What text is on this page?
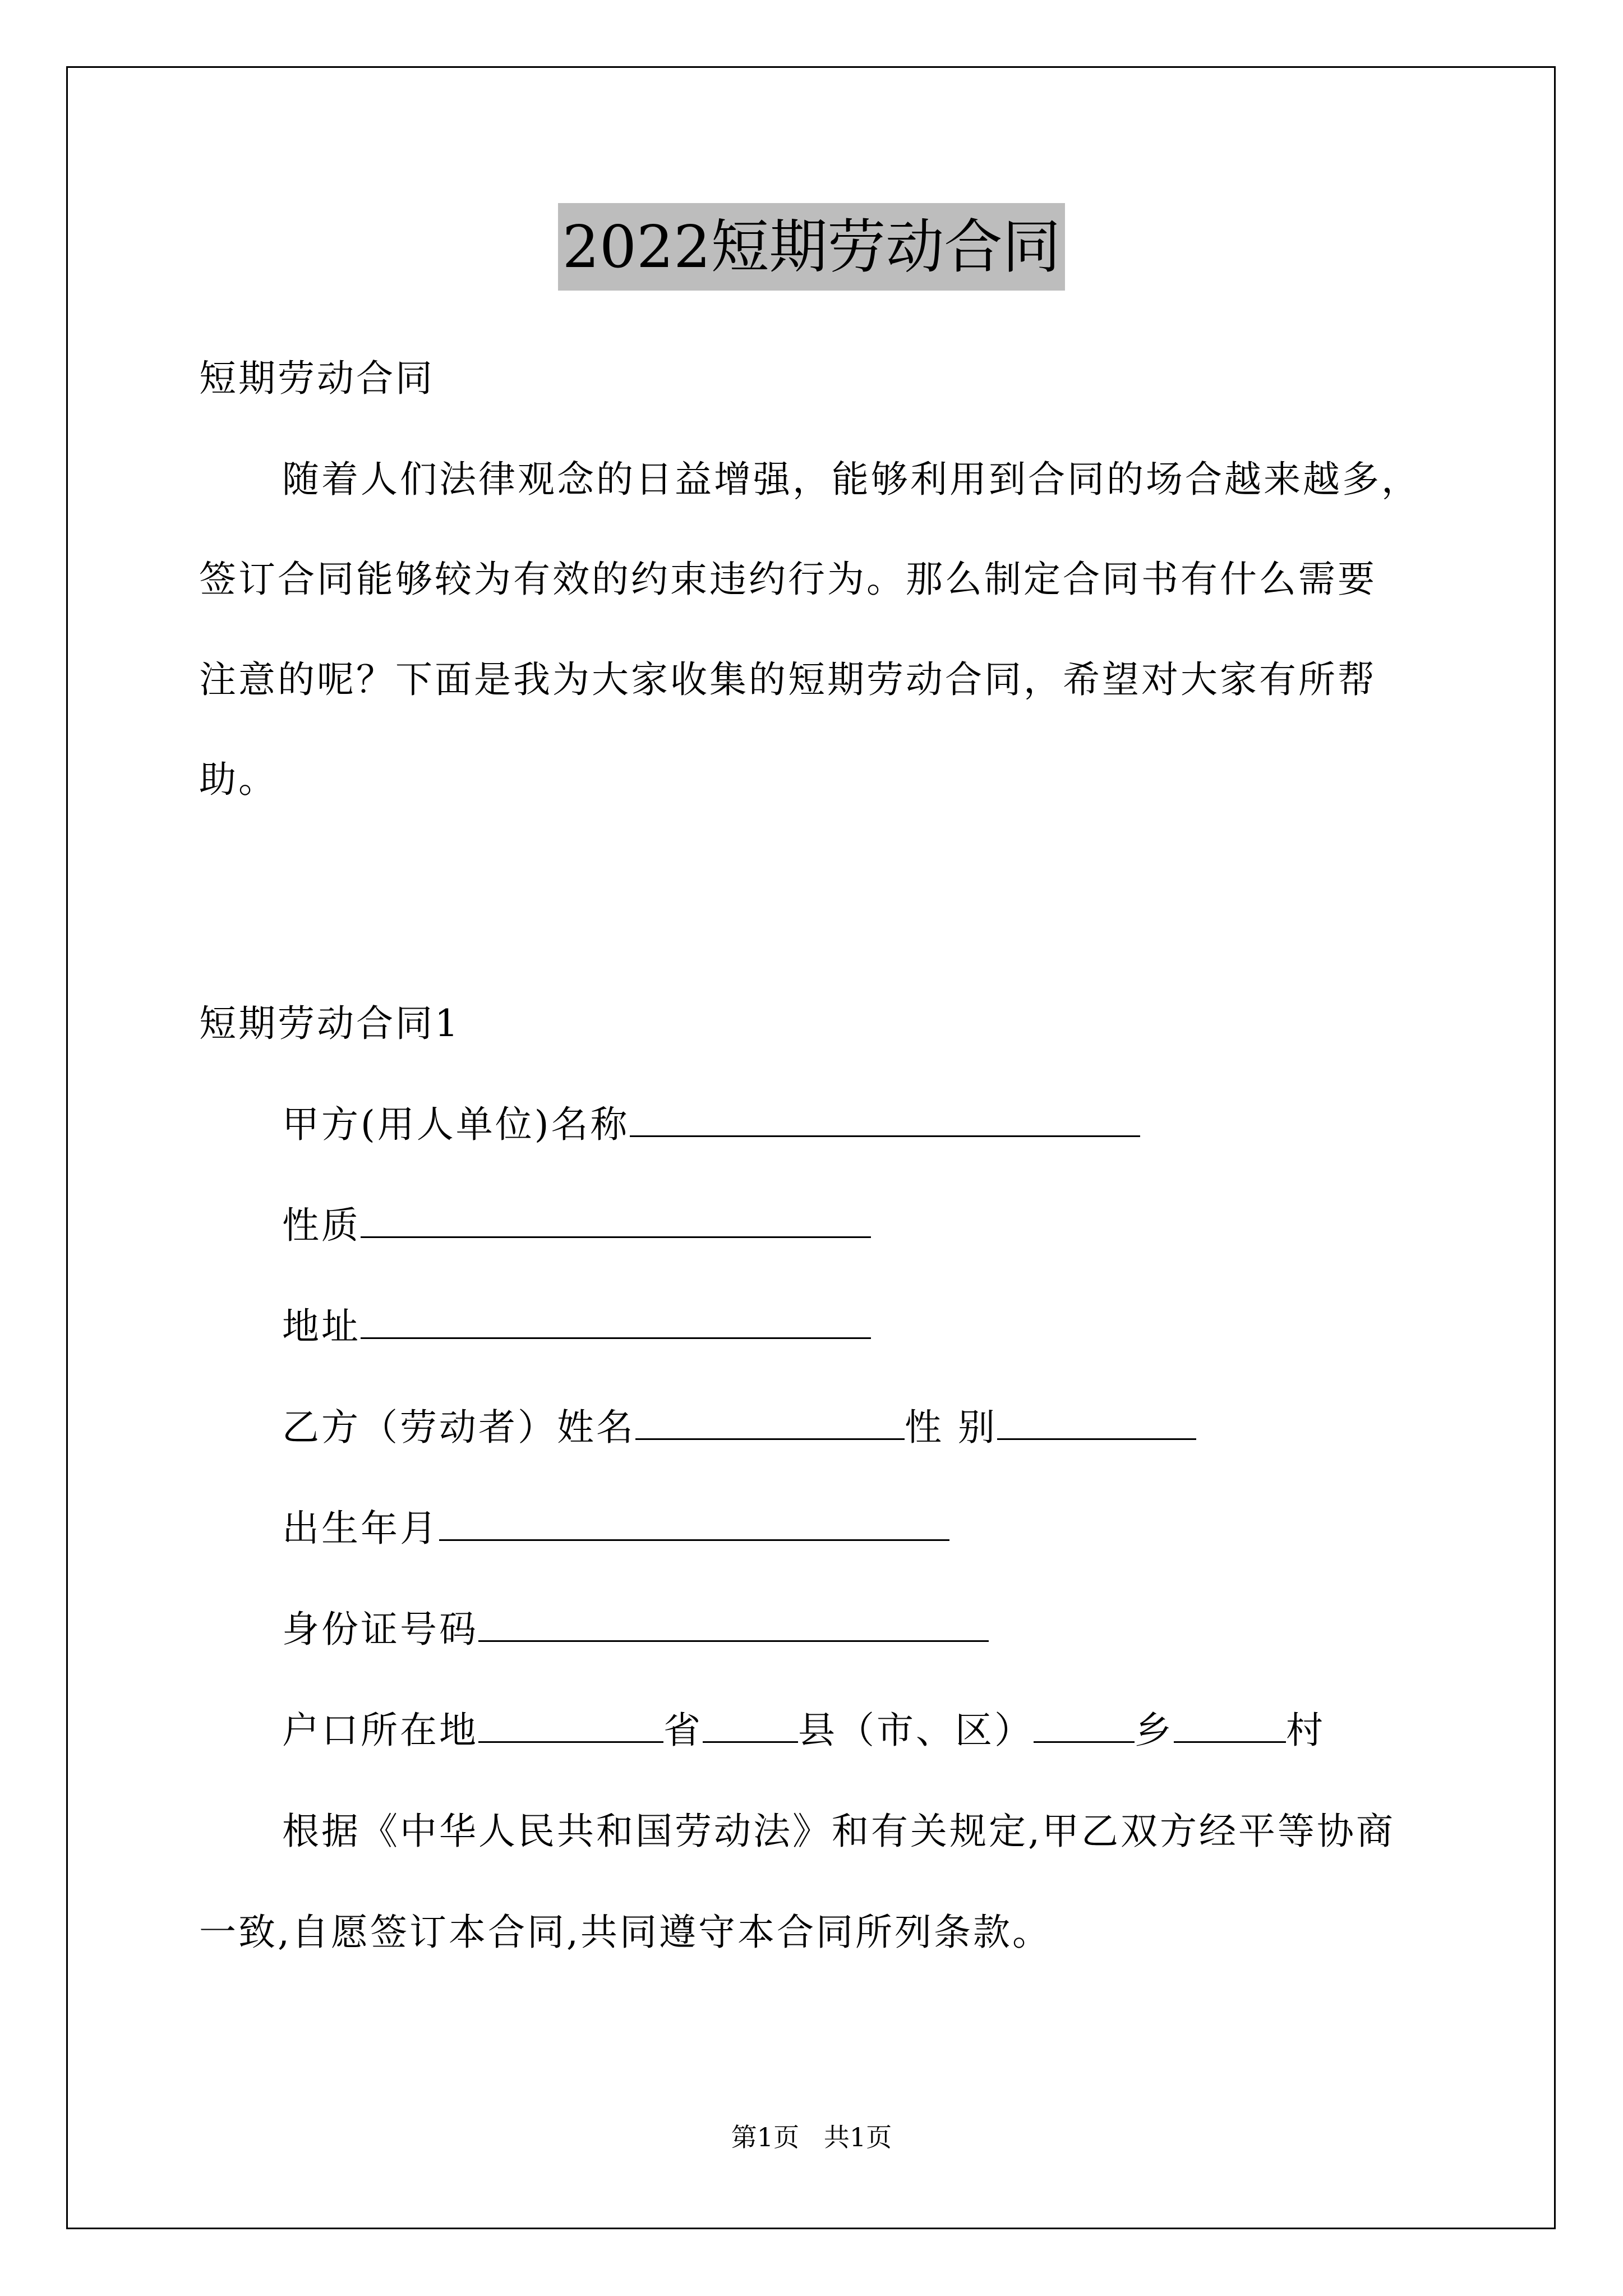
2022短期劳动合同
短期劳动合同
随着人们法律观念的日益增强，能够利用到合同的场合越来越多，
签订合同能够较为有效的约束违约行为。那么制定合同书有什么需要
注意的呢？下面是我为大家收集的短期劳动合同，希望对大家有所帮
助。
短期劳动合同1
甲方(用人单位)名称
性质
地址
乙方（劳动者）姓名	性 别
出生年月
身份证号码
户口所在地	省	县（市、区）	乡	村
根据《中华人民共和国劳动法》和有关规定,甲乙双方经平等协商
一致,自愿签订本合同,共同遵守本合同所列条款。
第1页   共1页
